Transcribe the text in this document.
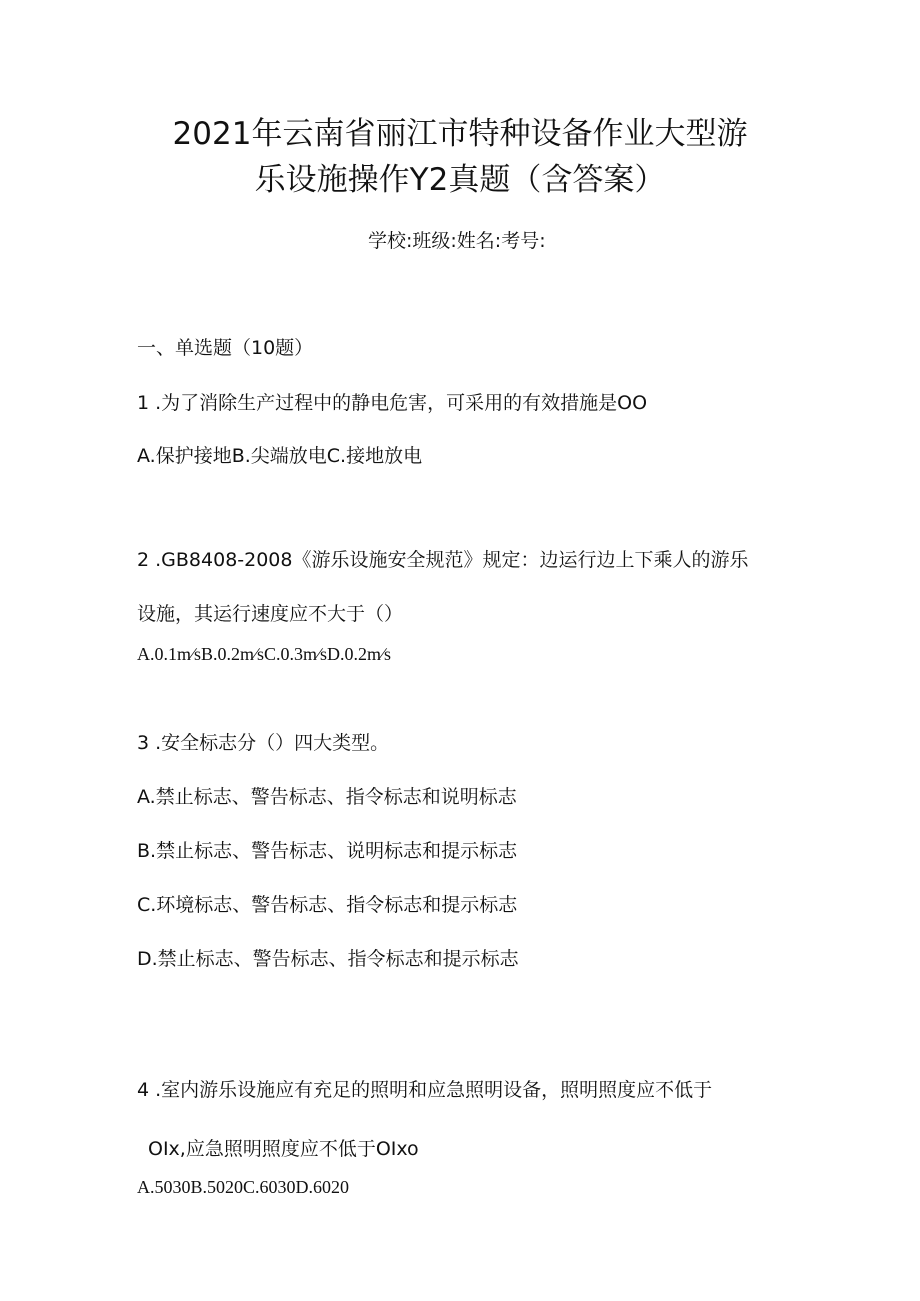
2021年云南省丽江市特种设备作业大型游
乐设施操作Y2真题（含答案）
学校:班级:姓名:考号:
一、单选题（10题）
1 .为了消除生产过程中的静电危害，可采用的有效措施是OO
A.保护接地B.尖端放电C.接地放电
2 .GB8408-2008《游乐设施安全规范》规定：边运行边上下乘人的游乐
设施，其运行速度应不大于（）
A.0.1m∕sB.0.2m∕sC.0.3m∕sD.0.2m∕s
3 .安全标志分（）四大类型。
A.禁止标志、警告标志、指令标志和说明标志
B.禁止标志、警告标志、说明标志和提示标志
C.环境标志、警告标志、指令标志和提示标志
D.禁止标志、警告标志、指令标志和提示标志
4 .室内游乐设施应有充足的照明和应急照明设备，照明照度应不低于
OIx,应急照明照度应不低于OIxo
A.5030B.5020C.6030D.6020
